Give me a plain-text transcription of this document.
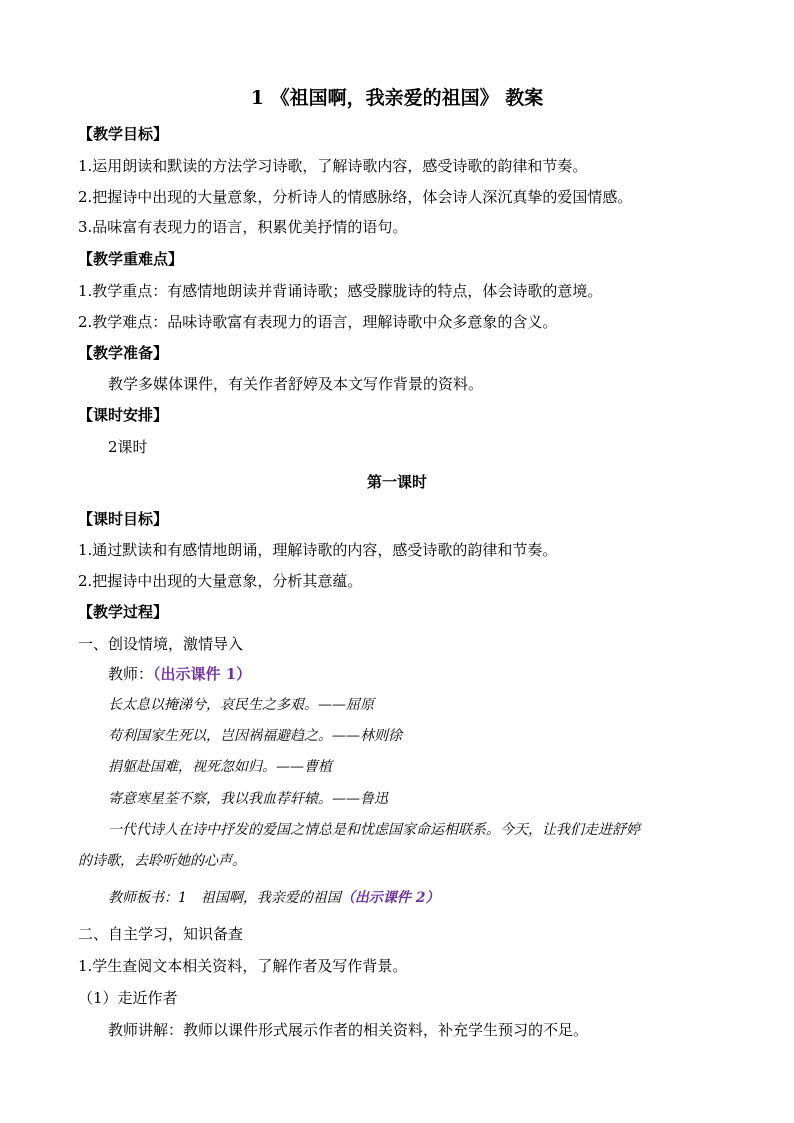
1 《祖国啊，我亲爱的祖国》 教案
【教学目标】
1.运用朗读和默读的方法学习诗歌，了解诗歌内容，感受诗歌的韵律和节奏。
2.把握诗中出现的大量意象，分析诗人的情感脉络，体会诗人深沉真挚的爱国情感。
3.品味富有表现力的语言，积累优美抒情的语句。
【教学重难点】
1.教学重点：有感情地朗读并背诵诗歌；感受朦胧诗的特点，体会诗歌的意境。
2.教学难点：品味诗歌富有表现力的语言，理解诗歌中众多意象的含义。
【教学准备】
教学多媒体课件，有关作者舒婷及本文写作背景的资料。
【课时安排】
2课时
第一课时
【课时目标】
1.通过默读和有感情地朗诵，理解诗歌的内容，感受诗歌的韵律和节奏。
2.把握诗中出现的大量意象，分析其意蕴。
【教学过程】
一、创设情境，激情导入
教师：（出示课件 1）
长太息以掩涕兮，哀民生之多艰。——屈原
苟利国家生死以，岂因祸福避趋之。——林则徐
捐躯赴国难，视死忽如归。——曹植
寄意寒星荃不察，我以我血荐轩辕。——鲁迅
一代代诗人在诗中抒发的爱国之情总是和忧虑国家命运相联系。今天，让我们走进舒婷
的诗歌，去聆听她的心声。
教师板书：1　祖国啊，我亲爱的祖国（出示课件 2）
二、自主学习，知识备查
1.学生查阅文本相关资料，了解作者及写作背景。
（1）走近作者
教师讲解：教师以课件形式展示作者的相关资料，补充学生预习的不足。
